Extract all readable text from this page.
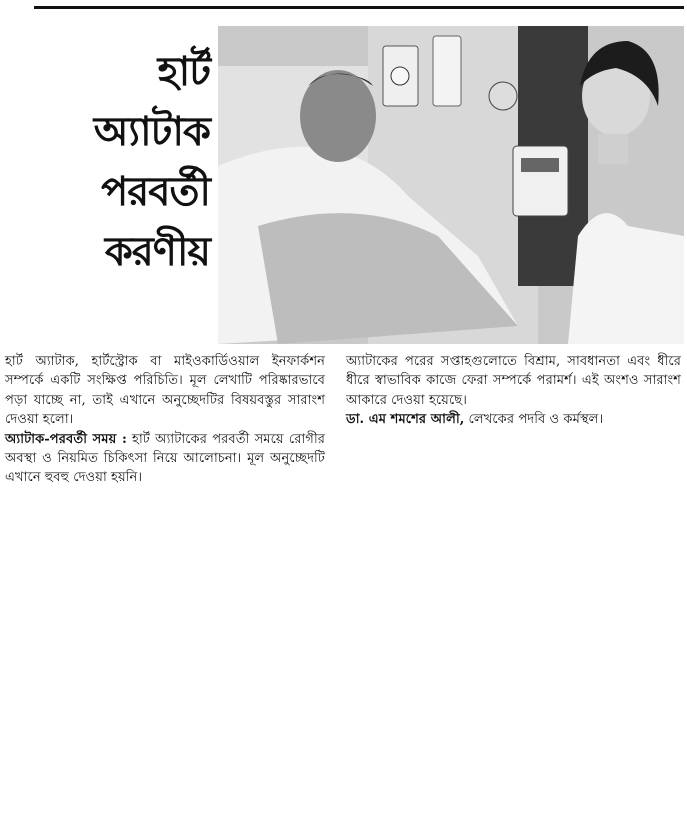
হার্ট
অ্যাটাক
পরবর্তী
করণীয়

হার্ট অ্যাটাক, হার্টস্ট্রোক বা মাইওকার্ডিওয়াল ইনফার্কশন সম্পর্কে একটি সংক্ষিপ্ত পরিচিতি। মূল লেখাটি পরিষ্কারভাবে পড়া যাচ্ছে না, তাই এখানে অনুচ্ছেদটির বিষয়বস্তুর সারাংশ দেওয়া হলো।

অ্যাটাক-পরবর্তী সময় : হার্ট অ্যাটাকের পরবর্তী সময়ে রোগীর অবস্থা ও নিয়মিত চিকিৎসা নিয়ে আলোচনা। মূল অনুচ্ছেদটি এখানে হুবহু দেওয়া হয়নি।

অ্যাটাকের পরের সপ্তাহগুলোতে বিশ্রাম, সাবধানতা এবং ধীরে ধীরে স্বাভাবিক কাজে ফেরা সম্পর্কে পরামর্শ। এই অংশও সারাংশ আকারে দেওয়া হয়েছে।

ডা. এম শমশের আলী, লেখকের পদবি ও কর্মস্থল।
